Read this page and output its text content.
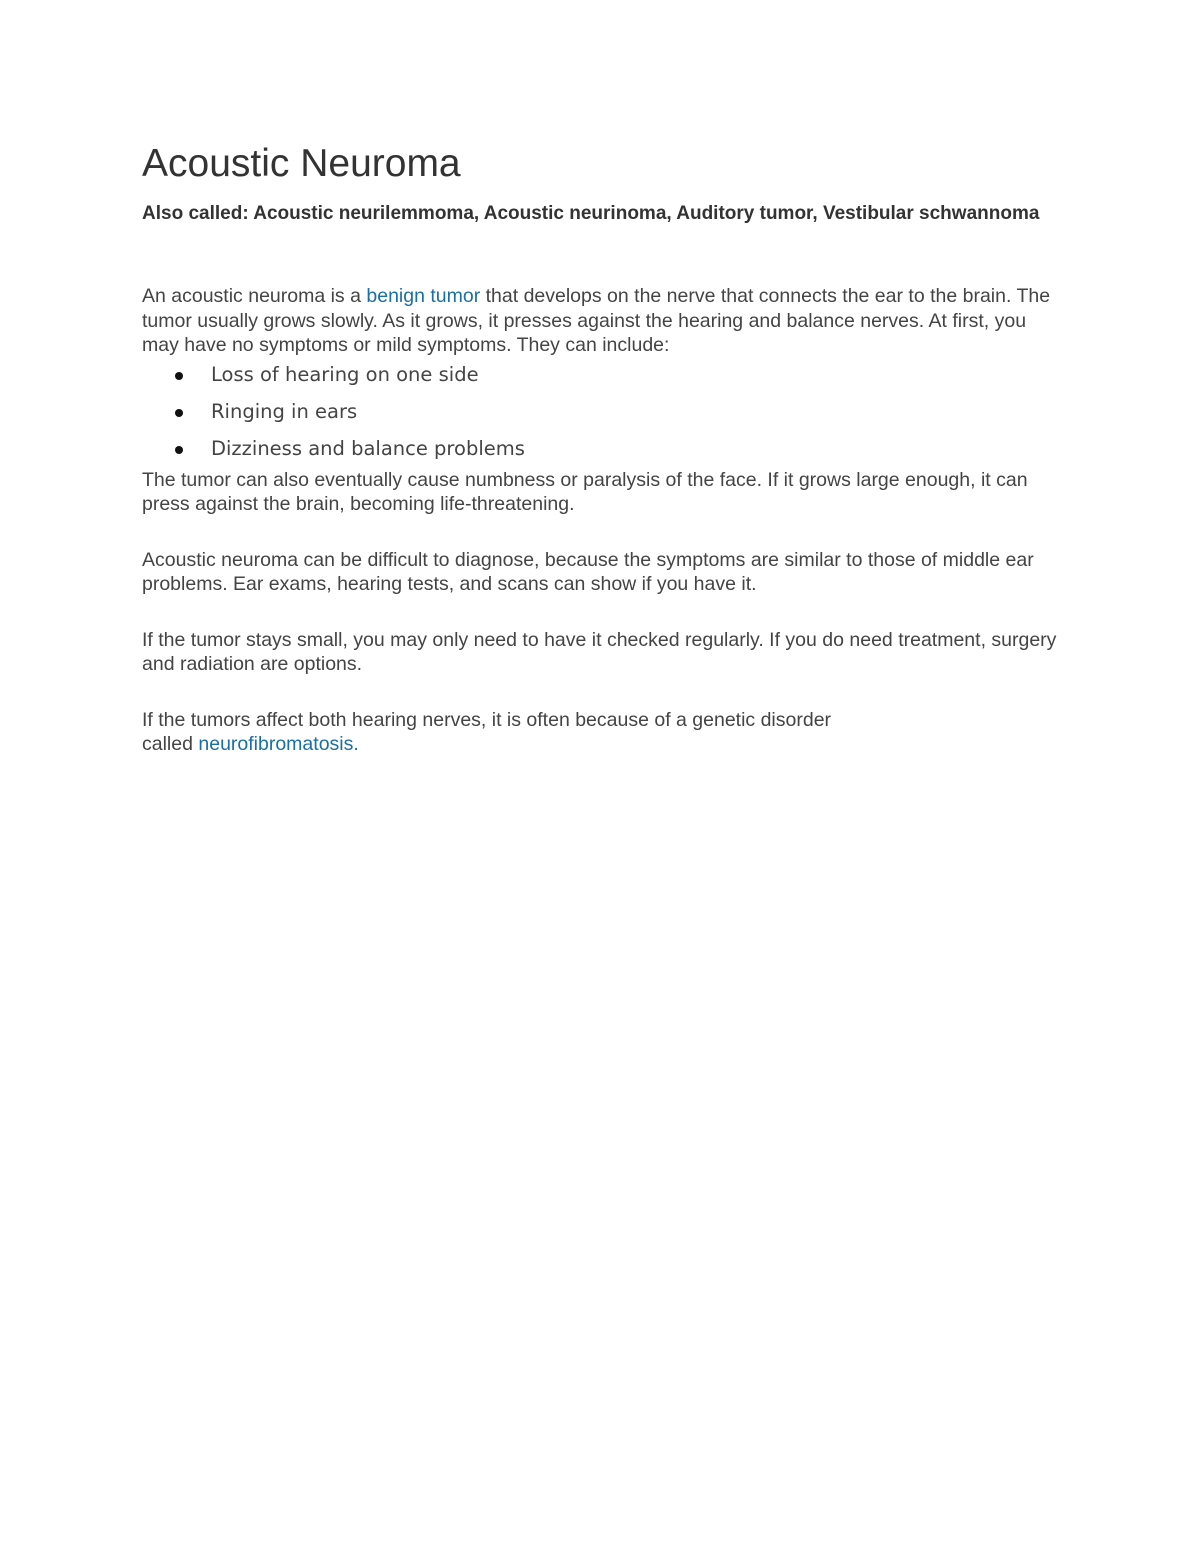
Acoustic Neuroma

Also called: Acoustic neurilemmoma, Acoustic neurinoma, Auditory tumor, Vestibular schwannoma

An acoustic neuroma is a benign tumor that develops on the nerve that connects the ear to the brain. The tumor usually grows slowly. As it grows, it presses against the hearing and balance nerves. At first, you may have no symptoms or mild symptoms. They can include:

Loss of hearing on one side
Ringing in ears
Dizziness and balance problems

The tumor can also eventually cause numbness or paralysis of the face. If it grows large enough, it can press against the brain, becoming life-threatening.

Acoustic neuroma can be difficult to diagnose, because the symptoms are similar to those of middle ear problems. Ear exams, hearing tests, and scans can show if you have it.

If the tumor stays small, you may only need to have it checked regularly. If you do need treatment, surgery and radiation are options.

If the tumors affect both hearing nerves, it is often because of a genetic disorder
called neurofibromatosis.
